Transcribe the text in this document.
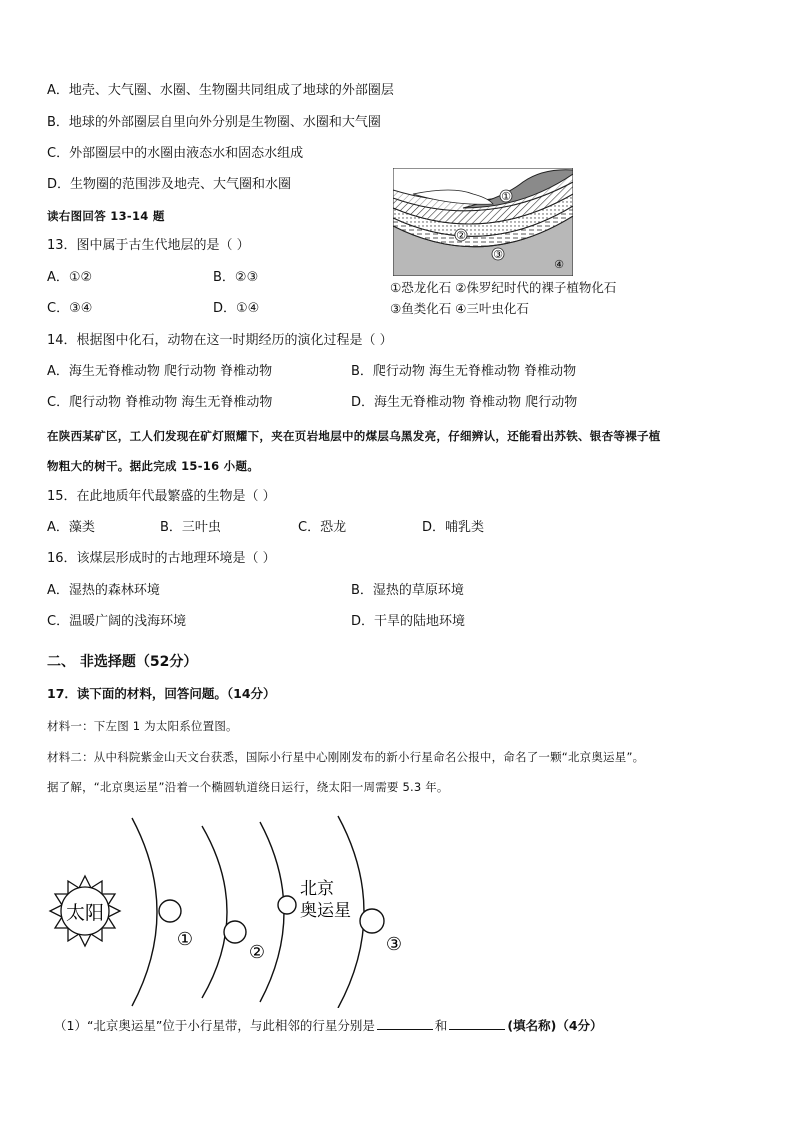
A．地壳、大气圈、水圈、生物圈共同组成了地球的外部圈层
B．地球的外部圈层自里向外分别是生物圈、水圈和大气圈
C．外部圈层中的水圈由液态水和固态水组成
D．生物圈的范围涉及地壳、大气圈和水圈
读右图回答 13-14 题
13．图中属于古生代地层的是（ ）
A．①②	B．②③
C．③④	D．①④
①
②
③
④
①恐龙化石 ②侏罗纪时代的裸子植物化石
③鱼类化石 ④三叶虫化石
14．根据图中化石，动物在这一时期经历的演化过程是（ ）
A．海生无脊椎动物 爬行动物 脊椎动物	B．爬行动物 海生无脊椎动物 脊椎动物
C．爬行动物 脊椎动物 海生无脊椎动物	D．海生无脊椎动物 脊椎动物 爬行动物
在陕西某矿区，工人们发现在矿灯照耀下，夹在页岩地层中的煤层乌黑发亮，仔细辨认，还能看出苏铁、银杏等裸子植
物粗大的树干。据此完成 15-16 小题。
15．在此地质年代最繁盛的生物是（ ）
A．藻类	B．三叶虫	C．恐龙	D．哺乳类
16．该煤层形成时的古地理环境是（ ）
A．湿热的森林环境	B．湿热的草原环境
C．温暖广阔的浅海环境	D．干旱的陆地环境
二、 非选择题（52分）
17．读下面的材料，回答问题。（14分）
材料一：下左图 1 为太阳系位置图。
材料二：从中科院紫金山天文台获悉，国际小行星中心刚刚发布的新小行星命名公报中，命名了一颗“北京奥运星”。
据了解，“北京奥运星”沿着一个椭圆轨道绕日运行，绕太阳一周需要 5.3 年。
太阳
①
②
北京
奥运星
③
（1）“北京奥运星”位于小行星带，与此相邻的行星分别是	和	(填名称)（4分）
